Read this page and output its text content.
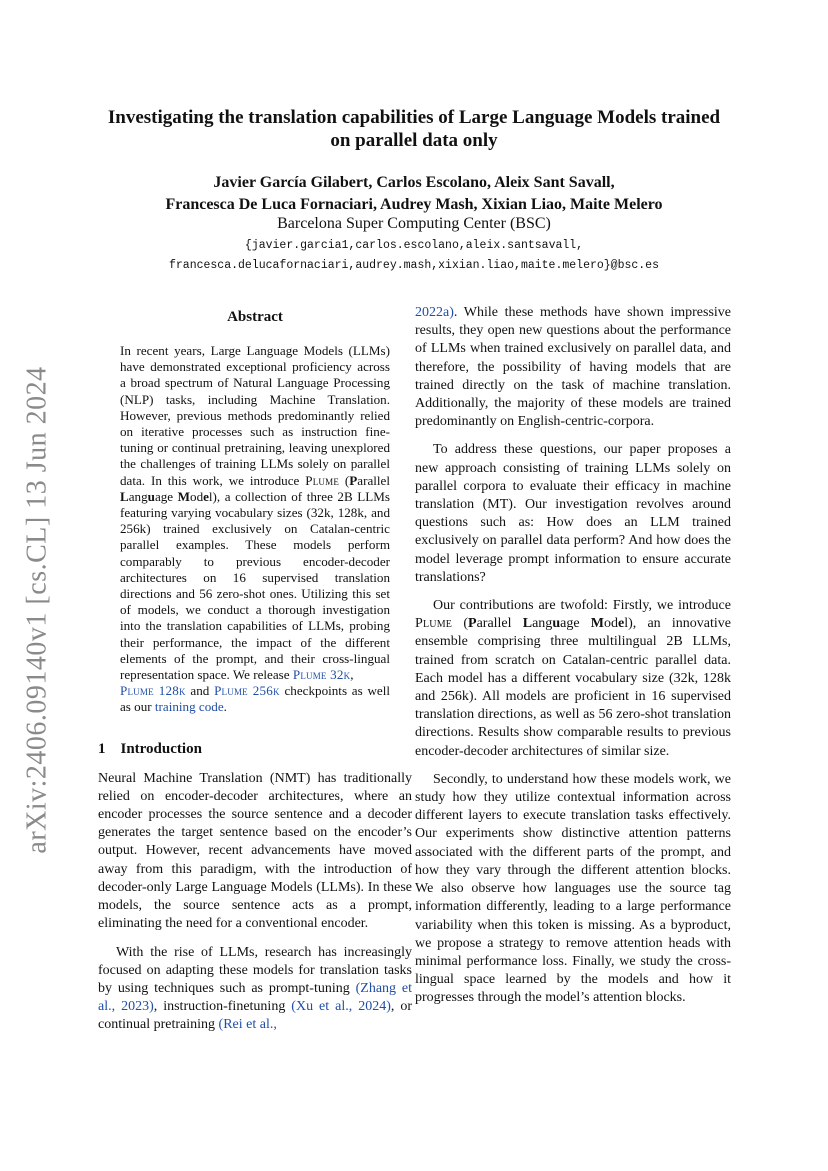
arXiv:2406.09140v1 [cs.CL] 13 Jun 2024
Investigating the translation capabilities of Large Language Models trained
on parallel data only
Javier García Gilabert, Carlos Escolano, Aleix Sant Savall,
Francesca De Luca Fornaciari, Audrey Mash, Xixian Liao, Maite Melero
Barcelona Super Computing Center (BSC)
{javier.garcia1,carlos.escolano,aleix.santsavall,
francesca.delucafornaciari,audrey.mash,xixian.liao,maite.melero}@bsc.es
Abstract
In recent years, Large Language Models (LLMs) have demonstrated exceptional proficiency across a broad spectrum of Natural Language Processing (NLP) tasks, including Machine Translation. However, previous methods predominantly relied on iterative processes such as instruction fine-tuning or continual pretraining, leaving unexplored the challenges of training LLMs solely on parallel data. In this work, we introduce Plume (Parallel Language Model), a collection of three 2B LLMs featuring varying vocabulary sizes (32k, 128k, and 256k) trained exclusively on Catalan-centric parallel examples. These models perform comparably to previous encoder-decoder architectures on 16 supervised translation directions and 56 zero-shot ones. Utilizing this set of models, we conduct a thorough investigation into the translation capabilities of LLMs, probing their performance, the impact of the different elements of the prompt, and their cross-lingual representation space. We release Plume 32k,
Plume 128k and Plume 256k checkpoints as well as our training code.
1 Introduction

Neural Machine Translation (NMT) has traditionally relied on encoder-decoder architectures, where an encoder processes the source sentence and a decoder generates the target sentence based on the encoder’s output. However, recent advancements have moved away from this paradigm, with the introduction of decoder-only Large Language Models (LLMs). In these models, the source sentence acts as a prompt, eliminating the need for a conventional encoder.

With the rise of LLMs, research has increasingly focused on adapting these models for translation tasks by using techniques such as prompt-tuning (Zhang et al., 2023), instruction-finetuning (Xu et al., 2024), or continual pretraining (Rei et al.,

2022a). While these methods have shown impressive results, they open new questions about the performance of LLMs when trained exclusively on parallel data, and therefore, the possibility of having models that are trained directly on the task of machine translation. Additionally, the majority of these models are trained predominantly on English-centric-corpora.

To address these questions, our paper proposes a new approach consisting of training LLMs solely on parallel corpora to evaluate their efficacy in machine translation (MT). Our investigation revolves around questions such as: How does an LLM trained exclusively on parallel data perform? And how does the model leverage prompt information to ensure accurate translations?

Our contributions are twofold: Firstly, we introduce Plume (Parallel Language Model), an innovative ensemble comprising three multilingual 2B LLMs, trained from scratch on Catalan-centric parallel data. Each model has a different vocabulary size (32k, 128k and 256k). All models are proficient in 16 supervised translation directions, as well as 56 zero-shot translation directions. Results show comparable results to previous encoder-decoder architectures of similar size.

Secondly, to understand how these models work, we study how they utilize contextual information across different layers to execute translation tasks effectively. Our experiments show distinctive attention patterns associated with the different parts of the prompt, and how they vary through the different attention blocks. We also observe how languages use the source tag information differently, leading to a large performance variability when this token is missing. As a byproduct, we propose a strategy to remove attention heads with minimal performance loss. Finally, we study the cross-lingual space learned by the models and how it progresses through the model’s attention blocks.
